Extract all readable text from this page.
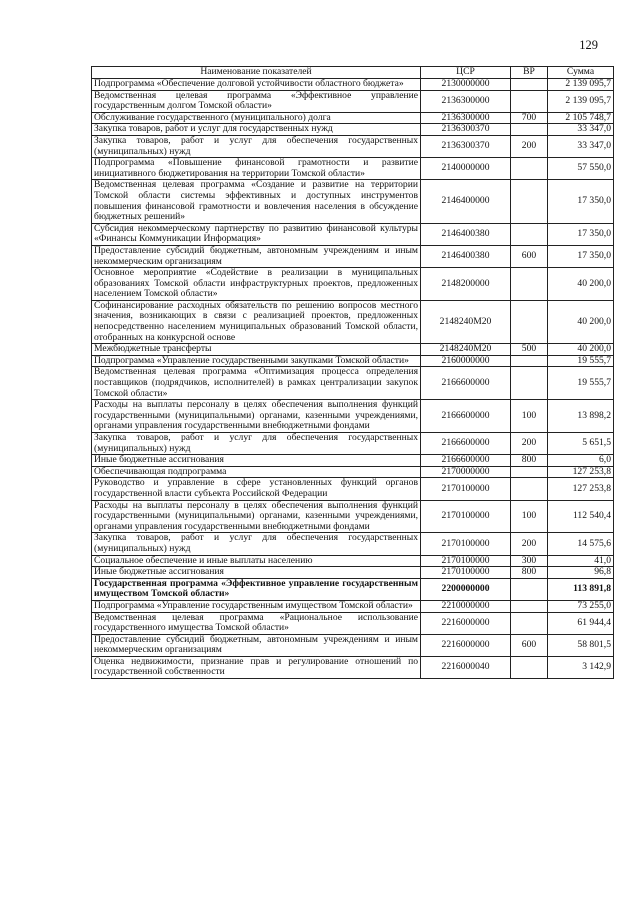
129
Наименование показателей	ЦСР	ВР	Сумма
Подпрограмма «Обеспечение долговой устойчивости областного бюджета»	2130000000		2 139 095,7
Ведомственная целевая программа «Эффективное управление государственным долгом Томской области»	2136300000		2 139 095,7
Обслуживание государственного (муниципального) долга	2136300000	700	2 105 748,7
Закупка товаров, работ и услуг для государственных нужд	2136300370		33 347,0
Закупка товаров, работ и услуг для обеспечения государственных (муниципальных) нужд	2136300370	200	33 347,0
Подпрограмма «Повышение финансовой грамотности и развитие инициативного бюджетирования на территории Томской области»	2140000000		57 550,0
Ведомственная целевая программа «Создание и развитие на территории Томской области системы эффективных и доступных инструментов повышения финансовой грамотности и вовлечения населения в обсуждение бюджетных решений»	2146400000		17 350,0
Субсидия некоммерческому партнерству по развитию финансовой культуры «Финансы Коммуникации Информация»	2146400380		17 350,0
Предоставление субсидий бюджетным, автономным учреждениям и иным некоммерческим организациям	2146400380	600	17 350,0
Основное мероприятие «Содействие в реализации в муниципальных образованиях Томской области инфраструктурных проектов, предложенных населением Томской области»	2148200000		40 200,0
Софинансирование расходных обязательств по решению вопросов местного значения, возникающих в связи с реализацией проектов, предложенных непосредственно населением муниципальных образований Томской области, отобранных на конкурсной основе	2148240M20		40 200,0
Межбюджетные трансферты	2148240M20	500	40 200,0
Подпрограмма «Управление государственными закупками Томской области»	2160000000		19 555,7
Ведомственная целевая программа «Оптимизация процесса определения поставщиков (подрядчиков, исполнителей) в рамках централизации закупок Томской области»	2166600000		19 555,7
Расходы на выплаты персоналу в целях обеспечения выполнения функций государственными (муниципальными) органами, казенными учреждениями, органами управления государственными внебюджетными фондами	2166600000	100	13 898,2
Закупка товаров, работ и услуг для обеспечения государственных (муниципальных) нужд	2166600000	200	5 651,5
Иные бюджетные ассигнования	2166600000	800	6,0
Обеспечивающая подпрограмма	2170000000		127 253,8
Руководство и управление в сфере установленных функций органов государственной власти субъекта Российской Федерации	2170100000		127 253,8
Расходы на выплаты персоналу в целях обеспечения выполнения функций государственными (муниципальными) органами, казенными учреждениями, органами управления государственными внебюджетными фондами	2170100000	100	112 540,4
Закупка товаров, работ и услуг для обеспечения государственных (муниципальных) нужд	2170100000	200	14 575,6
Социальное обеспечение и иные выплаты населению	2170100000	300	41,0
Иные бюджетные ассигнования	2170100000	800	96,8
Государственная программа «Эффективное управление государственным имуществом Томской области»	2200000000		113 891,8
Подпрограмма «Управление государственным имуществом Томской области»	2210000000		73 255,0
Ведомственная целевая программа «Рациональное использование государственного имущества Томской области»	2216000000		61 944,4
Предоставление субсидий бюджетным, автономным учреждениям и иным некоммерческим организациям	2216000000	600	58 801,5
Оценка недвижимости, признание прав и регулирование отношений по государственной собственности	2216000040		3 142,9
